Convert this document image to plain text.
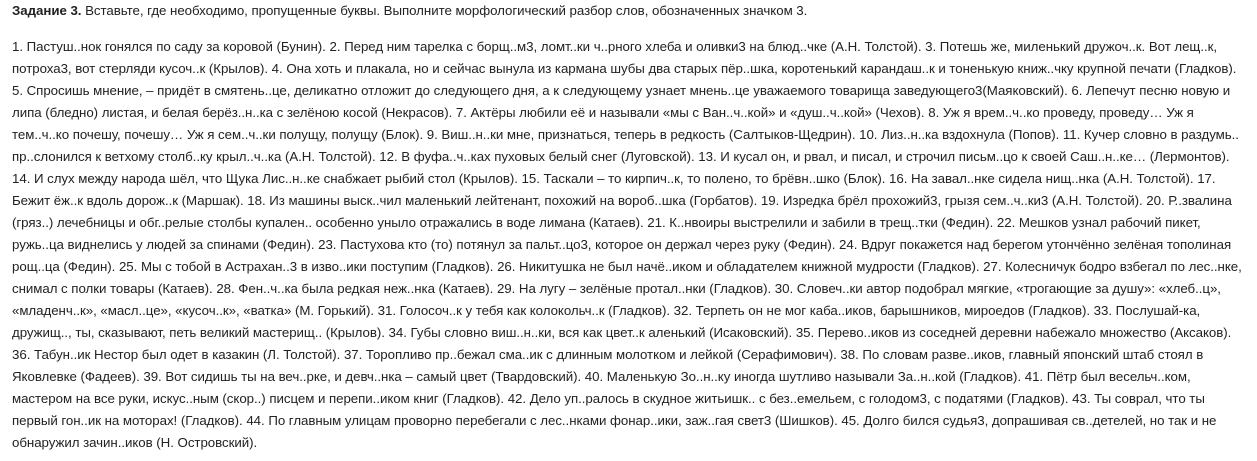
Задание 3. Вставьте, где необходимо, пропущенные буквы. Выполните морфологический разбор слов, обозначенных значком 3.

1. Пастуш..нок гонялся по саду за коровой (Бунин). 2. Перед ним тарелка с борщ..м3, ломт..ки ч..рного хлеба и оливки3 на блюд..чке (А.Н. Толстой). 3. Потешь же, миленький дружоч..к. Вот лещ..к, потроха3, вот стерляди кусоч..к (Крылов). 4. Она хоть и плакала, но и сейчас вынула из кармана шубы два старых пёр..шка, коротенький карандаш..к и тоненькую книж..чку крупной печати (Гладков). 5. Спросишь мнение, – придёт в смятень..це, деликатно отложит до следующего дня, а к следующему узнает мнень..це уважаемого товарища заведующего3(Маяковский). 6. Лепечут песню новую и липа (бледно) листая, и белая берёз..н..ка с зелёною косой (Некрасов). 7. Актёры любили её и называли «мы с Ван..ч..кой» и «душ..ч..кой» (Чехов). 8. Уж я врем..ч..ко проведу, проведу… Уж я тем..ч..ко почешу, почешу… Уж я сем..ч..ки полущу, полущу (Блок). 9. Виш..н..ки мне, признаться, теперь в редкость (Салтыков-Щедрин). 10. Лиз..н..ка вздохнула (Попов). 11. Кучер словно в раздумь.. пр..слонился к ветхому столб..ку крыл..ч..ка (А.Н. Толстой). 12. В фуфа..ч..ках пуховых белый снег (Луговской). 13. И кусал он, и рвал, и писал, и строчил письм..цо к своей Саш..н..ке… (Лермонтов). 14. И слух между народа шёл, что Щука Лис..н..ке снабжает рыбий стол (Крылов). 15. Таскали – то кирпич..к, то полено, то брёвн..шко (Блок). 16. На завал..нке сидела нищ..нка (А.Н. Толстой). 17. Бежит ёж..к вдоль дорож..к (Маршак). 18. Из машины выск..чил маленький лейтенант, похожий на вороб..шка (Горбатов). 19. Изредка брёл прохожий3, грызя сем..ч..ки3 (А.Н. Толстой). 20. Р..звалина (гряз..) лечебницы и обг..релые столбы купален.. особенно уныло отражались в воде лимана (Катаев). 21. К..нвоиры выстрелили и забили в трещ..тки (Федин). 22. Мешков узнал рабочий пикет, ружь..ца виднелись у людей за спинами (Федин). 23. Пастухова кто (то) потянул за пальт..цо3, которое он держал через руку (Федин). 24. Вдруг покажется над берегом утончённо зелёная тополиная рощ..ца (Федин). 25. Мы с тобой в Астрахан..3 в изво..ики поступим (Гладков). 26. Никитушка не был начё..иком и обладателем книжной мудрости (Гладков). 27. Колесничук бодро взбегал по лес..нке, снимал с полки товары (Катаев). 28. Фен..ч..ка была редкая неж..нка (Катаев). 29. На лугу – зелёные протал..нки (Гладков). 30. Словеч..ки автор подобрал мягкие, «трогающие за душу»: «хлеб..ц», «младенч..к», «масл..це», «кусоч..к», «ватка» (М. Горький). 31. Голосоч..к у тебя как колокольч..к (Гладков). 32. Терпеть он не мог каба..иков, барышников, мироедов (Гладков). 33. Послушай-ка, дружищ.., ты, сказывают, петь великий мастерищ.. (Крылов). 34. Губы словно виш..н..ки, вся как цвет..к аленький (Исаковский). 35. Перево..иков из соседней деревни набежало множество (Аксаков). 36. Табун..ик Нестор был одет в казакин (Л. Толстой). 37. Торопливо пр..бежал сма..ик с длинным молотком и лейкой (Серафимович). 38. По словам разве..иков, главный японский штаб стоял в Яковлевке (Фадеев). 39. Вот сидишь ты на веч..рке, и девч..нка – самый цвет (Твардовский). 40. Маленькую Зо..н..ку иногда шутливо называли За..н..кой (Гладков). 41. Пётр был весельч..ком, мастером на все руки, искус..ным (скор..) писцем и перепи..иком книг (Гладков). 42. Дело уп..ралось в скудное житьишк.. с без..емельем, с голодом3, с податями (Гладков). 43. Ты соврал, что ты первый гон..ик на моторах! (Гладков). 44. По главным улицам проворно перебегали с лес..нками фонар..ики, заж..гая свет3 (Шишков). 45. Долго бился судья3, допрашивая св..детелей, но так и не обнаружил зачин..иков (Н. Островский).
